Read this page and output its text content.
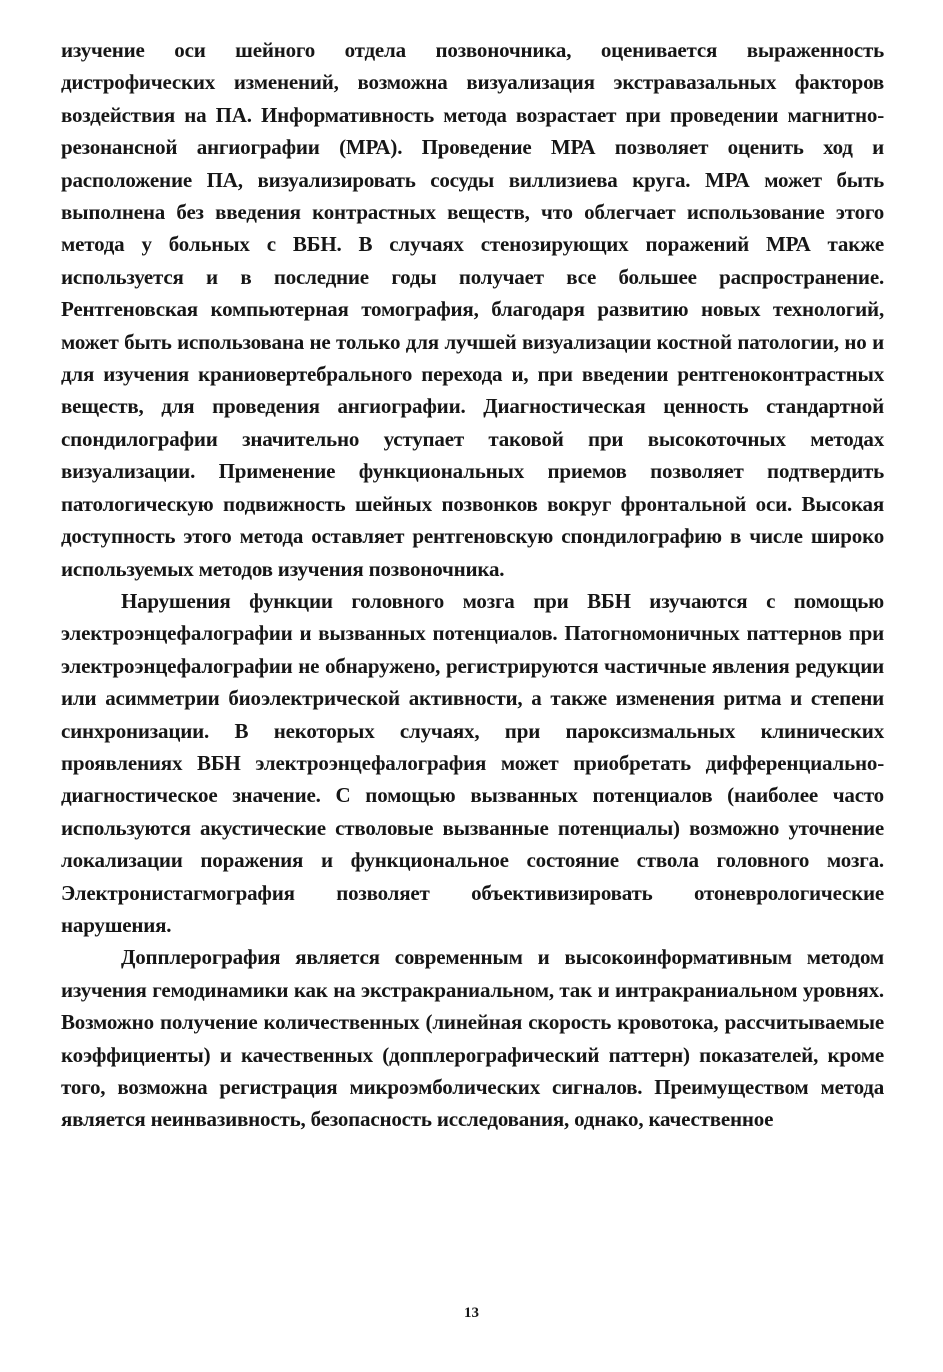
изучение оси шейного отдела позвоночника, оценивается выраженность дистрофических изменений, возможна визуализация экстравазальных факторов воздействия на ПА. Информативность метода возрастает при проведении магнитно-резонансной ангиографии (МРА). Проведение МРА позволяет оценить ход и расположение ПА, визуализировать сосуды виллизиева круга. МРА может быть выполнена без введения контрастных веществ, что облегчает использование этого метода у больных с ВБН. В случаях стенозирующих поражений МРА также используется и в последние годы получает все большее распространение. Рентгеновская компьютерная томография, благодаря развитию новых технологий, может быть использована не только для лучшей визуализации костной патологии, но и для изучения краниовертебрального перехода и, при введении рентгеноконтрастных веществ, для проведения ангиографии. Диагностическая ценность стандартной спондилографии значительно уступает таковой при высокоточных методах визуализации. Применение функциональных приемов позволяет подтвердить патологическую подвижность шейных позвонков вокруг фронтальной оси. Высокая доступность этого метода оставляет рентгеновскую спондилографию в числе широко используемых методов изучения позвоночника.

Нарушения функции головного мозга при ВБН изучаются с помощью электроэнцефалографии и вызванных потенциалов. Патогномоничных паттернов при электроэнцефалографии не обнаружено, регистрируются частичные явления редукции или асимметрии биоэлектрической активности, а также изменения ритма и степени синхронизации. В некоторых случаях, при пароксизмальных клинических проявлениях ВБН электроэнцефалография может приобретать дифференциально-диагностическое значение. С помощью вызванных потенциалов (наиболее часто используются акустические стволовые вызванные потенциалы) возможно уточнение локализации поражения и функциональное состояние ствола головного мозга. Электронистагмография позволяет объективизировать отоневрологические нарушения.

Допплерография является современным и высокоинформативным методом изучения гемодинамики как на экстракраниальном, так и интракраниальном уровнях. Возможно получение количественных (линейная скорость кровотока, рассчитываемые коэффициенты) и качественных (допплерографический паттерн) показателей, кроме того, возможна регистрация микроэмболических сигналов. Преимуществом метода является неинвазивность, безопасность исследования, однако, качественное

13
